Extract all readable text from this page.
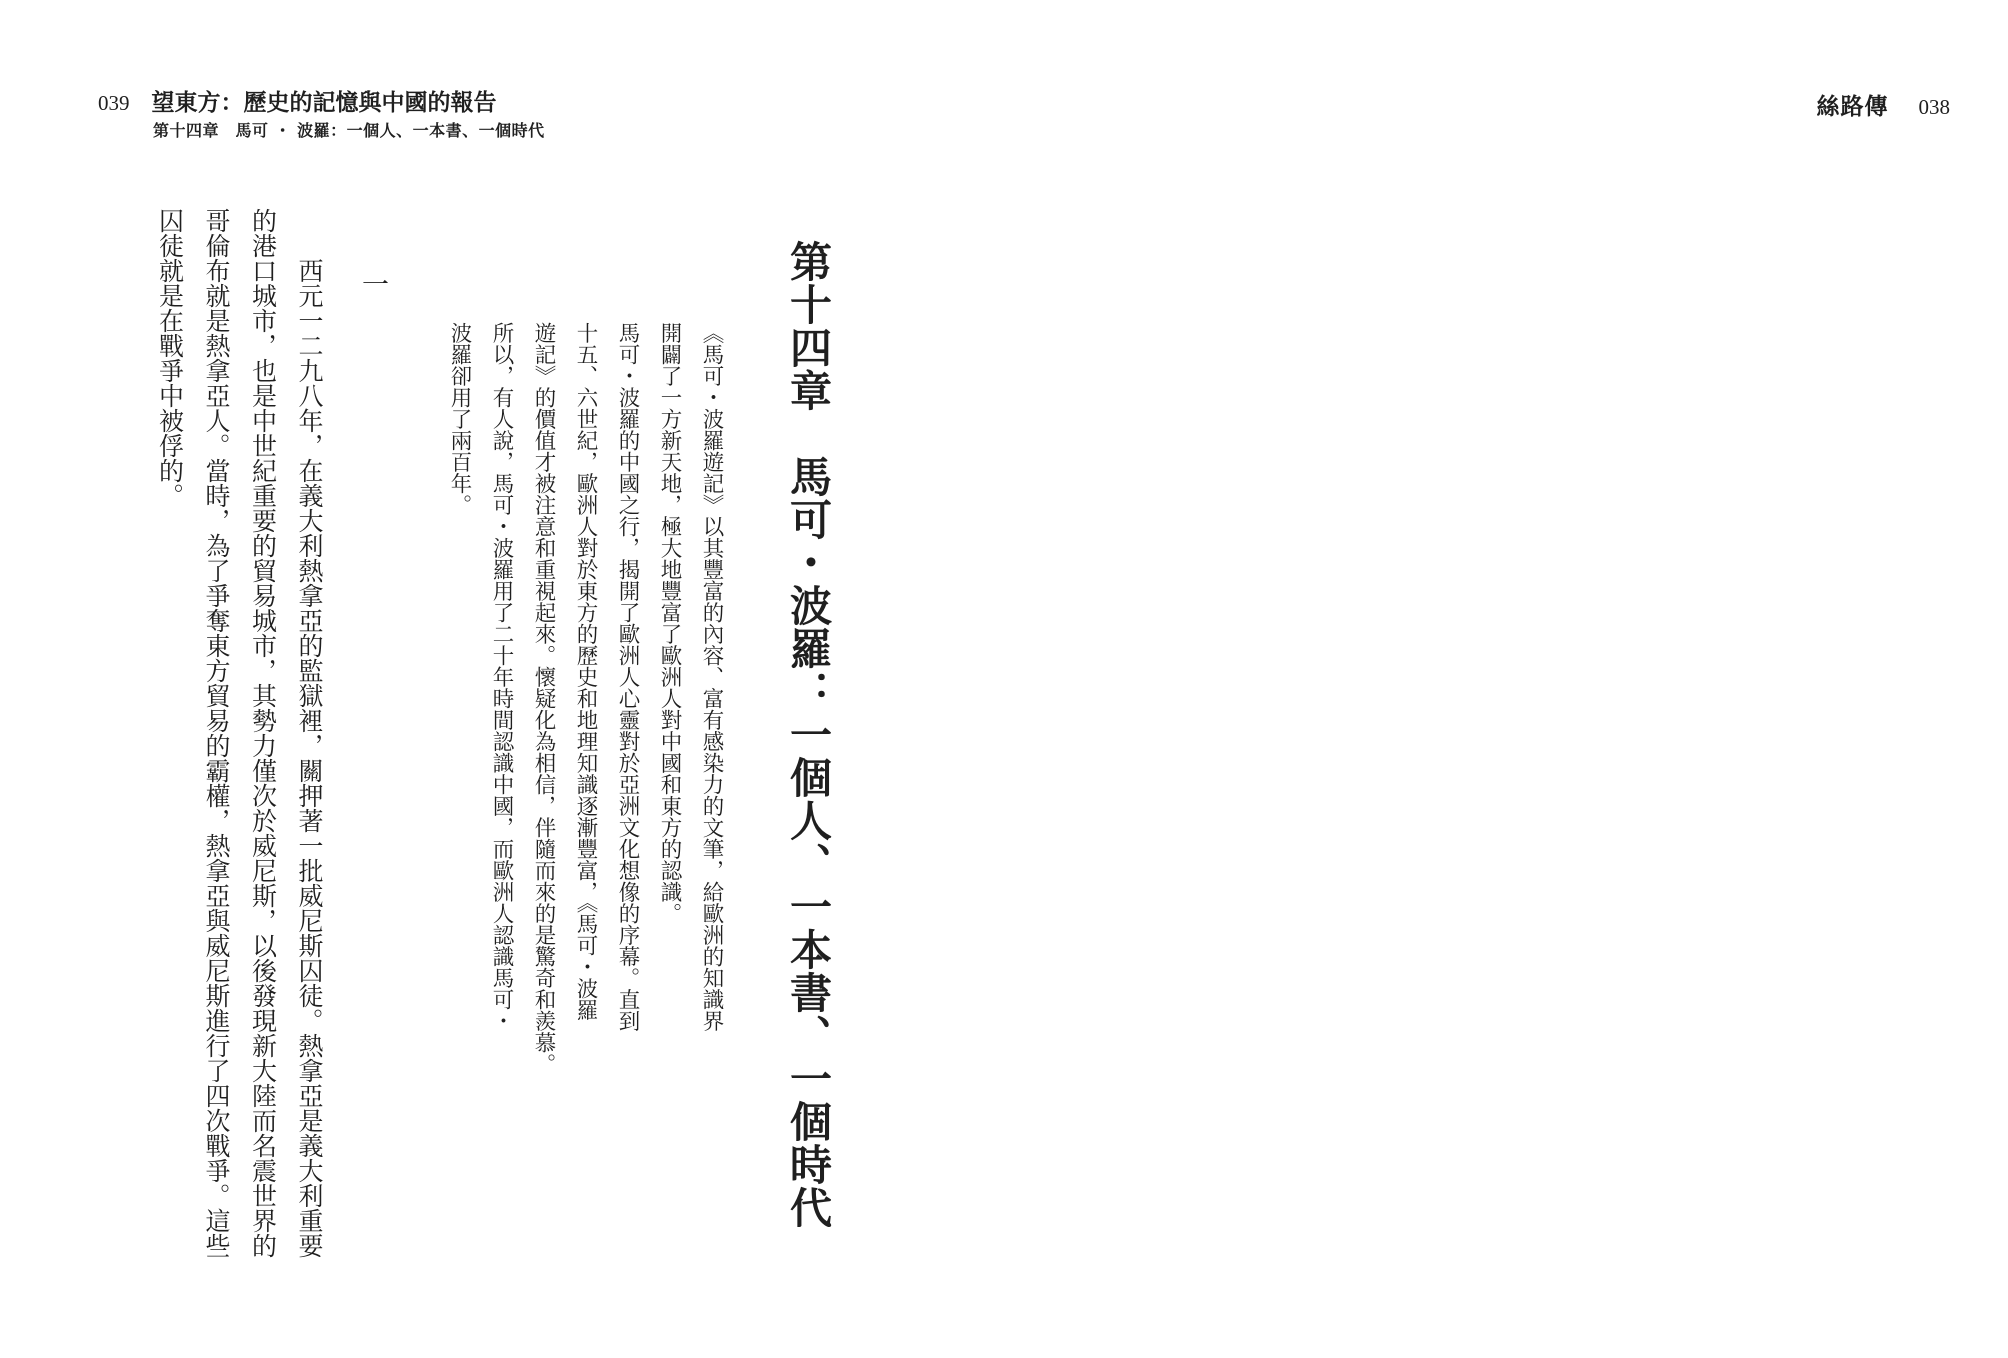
039 望東方：歷史的記憶與中國的報告
第十四章　馬可 ・ 波羅：一個人、一本書、一個時代
絲路傳 038
第十四章　馬可・波羅：一個人、一本書、一個時代

《馬可・波羅遊記》以其豐富的內容、富有感染力的文筆，給歐洲的知識界

開闢了一方新天地，極大地豐富了歐洲人對中國和東方的認識。

馬可・波羅的中國之行，揭開了歐洲人心靈對於亞洲文化想像的序幕。直到

十五、六世紀，歐洲人對於東方的歷史和地理知識逐漸豐富，《馬可・波羅

遊記》的價值才被注意和重視起來。懷疑化為相信，伴隨而來的是驚奇和羨慕。

所以，有人說，馬可・波羅用了二十年時間認識中國，而歐洲人認識馬可・

波羅卻用了兩百年。

一

西元一二九八年，在義大利熱拿亞的監獄裡，關押著一批威尼斯囚徒。熱拿亞是義大利重要的港口城市，也是中世紀重要的貿易城市，其勢力僅次於威尼斯，以後發現新大陸而名震世界的哥倫布就是熱拿亞人。當時，為了爭奪東方貿易的霸權，熱拿亞與威尼斯進行了四次戰爭。這些囚徒就是在戰爭中被俘的。
